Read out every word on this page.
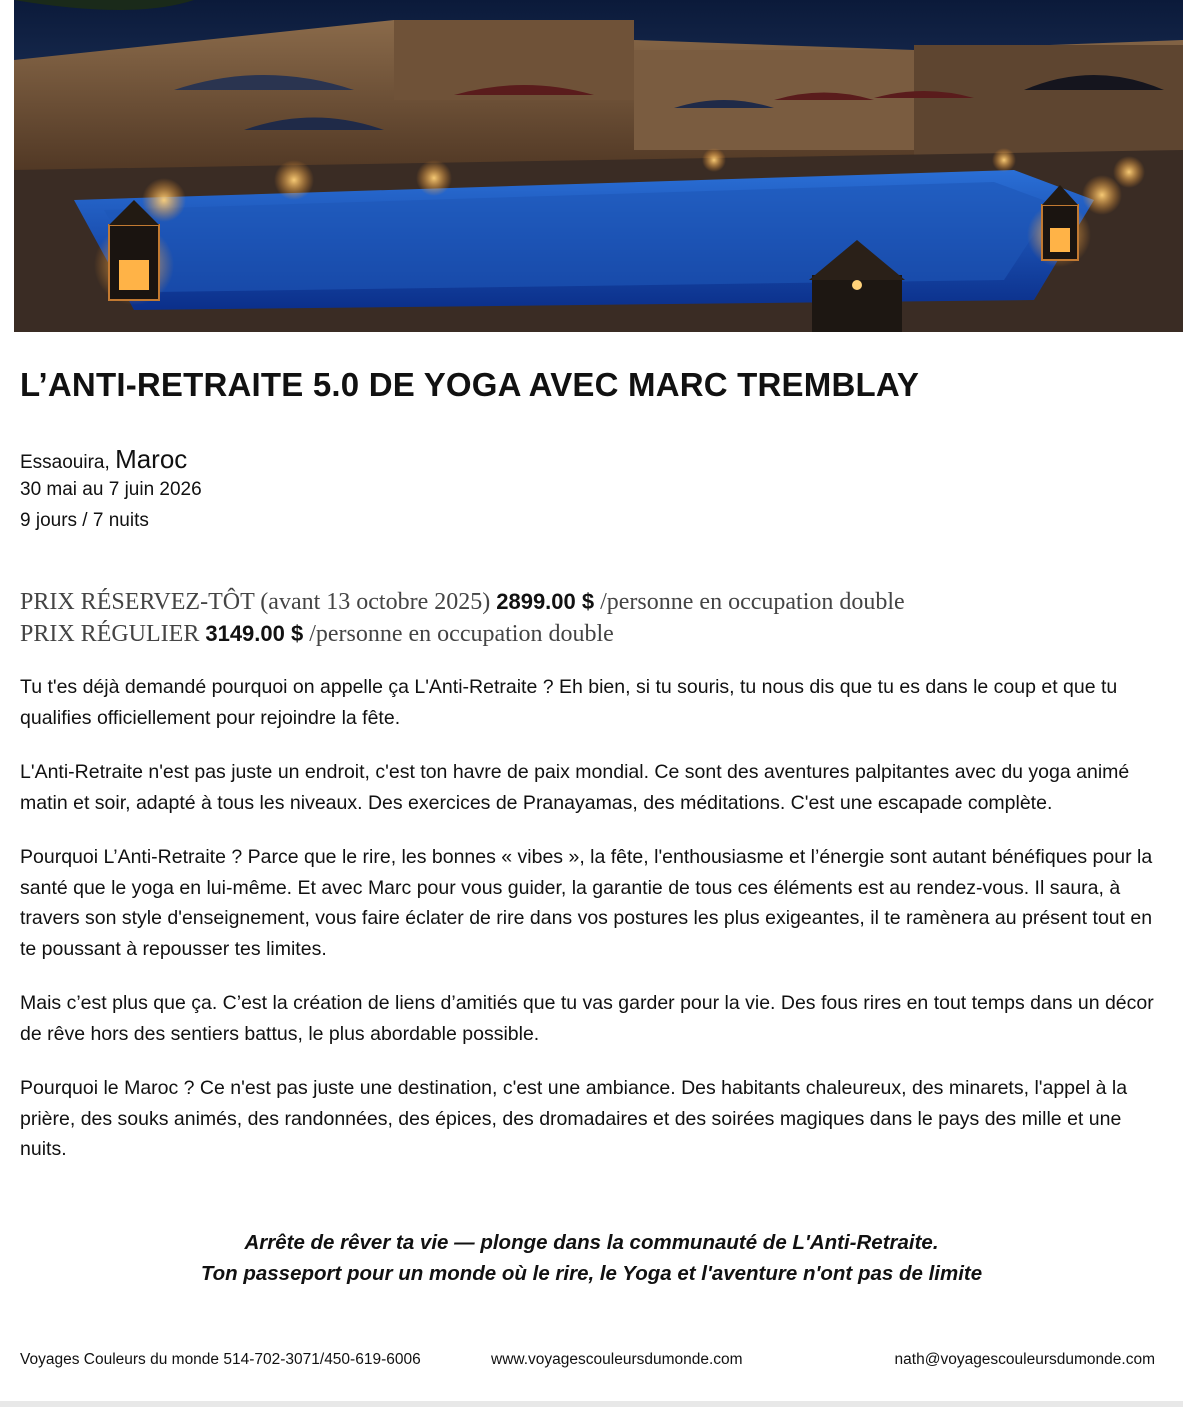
L’ANTI-RETRAITE 5.0 DE YOGA AVEC MARC TREMBLAY
Essaouira, Maroc
30 mai au 7 juin 2026
9 jours / 7 nuits
PRIX RÉSERVEZ-TÔT (avant 13 octobre 2025) 2899.00 $ /personne en occupation double
PRIX RÉGULIER 3149.00 $ /personne en occupation double

Tu t'es déjà demandé pourquoi on appelle ça L'Anti-Retraite ? Eh bien, si tu souris, tu nous dis que tu es dans le coup et que tu qualifies officiellement pour rejoindre la fête.

L'Anti-Retraite n'est pas juste un endroit, c'est ton havre de paix mondial. Ce sont des aventures palpitantes avec du yoga animé matin et soir, adapté à tous les niveaux. Des exercices de Pranayamas, des méditations. C'est une escapade complète.

Pourquoi L’Anti-Retraite ? Parce que le rire, les bonnes « vibes », la fête, l'enthousiasme et l’énergie sont autant bénéfiques pour la santé que le yoga en lui-même. Et avec Marc pour vous guider, la garantie de tous ces éléments est au rendez-vous. Il saura, à travers son style d'enseignement, vous faire éclater de rire dans vos postures les plus exigeantes, il te ramènera au présent tout en te poussant à repousser tes limites.

Mais c’est plus que ça. C’est la création de liens d’amitiés que tu vas garder pour la vie. Des fous rires en tout temps dans un décor de rêve hors des sentiers battus, le plus abordable possible.

Pourquoi le Maroc ? Ce n'est pas juste une destination, c'est une ambiance. Des habitants chaleureux, des minarets, l'appel à la prière, des souks animés, des randonnées, des épices, des dromadaires et des soirées magiques dans le pays des mille et une nuits.

Arrête de rêver ta vie — plonge dans la communauté de L'Anti-Retraite.
Ton passeport pour un monde où le rire, le Yoga et l'aventure n'ont pas de limite
Voyages Couleurs du monde 514-702-3071/450-619-6006	www.voyagescouleursdumonde.com	nath@voyagescouleursdumonde.com
